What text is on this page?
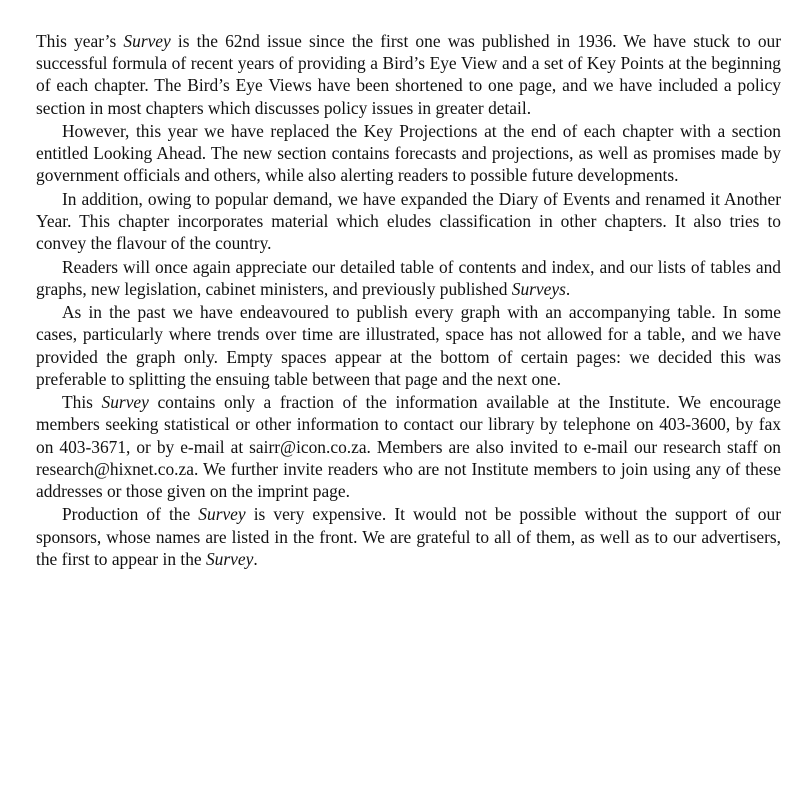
This year’s Survey is the 62nd issue since the first one was published in 1936. We have stuck to our successful formula of recent years of providing a Bird’s Eye View and a set of Key Points at the beginning of each chapter. The Bird’s Eye Views have been shortened to one page, and we have included a policy section in most chapters which discusses policy issues in greater detail.

However, this year we have replaced the Key Projections at the end of each chapter with a section entitled Looking Ahead. The new section contains forecasts and projections, as well as promises made by government officials and others, while also alerting readers to possible future developments.

In addition, owing to popular demand, we have expanded the Diary of Events and renamed it Another Year. This chapter incorporates material which eludes classification in other chapters. It also tries to convey the flavour of the country.

Readers will once again appreciate our detailed table of contents and index, and our lists of tables and graphs, new legislation, cabinet ministers, and previously published Surveys.

As in the past we have endeavoured to publish every graph with an accompanying table. In some cases, particularly where trends over time are illustrated, space has not allowed for a table, and we have provided the graph only. Empty spaces appear at the bottom of certain pages: we decided this was preferable to splitting the ensuing table between that page and the next one.

This Survey contains only a fraction of the information available at the Institute. We encourage members seeking statistical or other information to contact our library by telephone on 403-3600, by fax on 403-3671, or by e-mail at sairr@icon.co.za. Members are also invited to e-mail our research staff on research@hixnet.co.za. We further invite readers who are not Institute members to join using any of these addresses or those given on the imprint page.

Production of the Survey is very expensive. It would not be possible without the support of our sponsors, whose names are listed in the front. We are grateful to all of them, as well as to our advertisers, the first to appear in the Survey.
